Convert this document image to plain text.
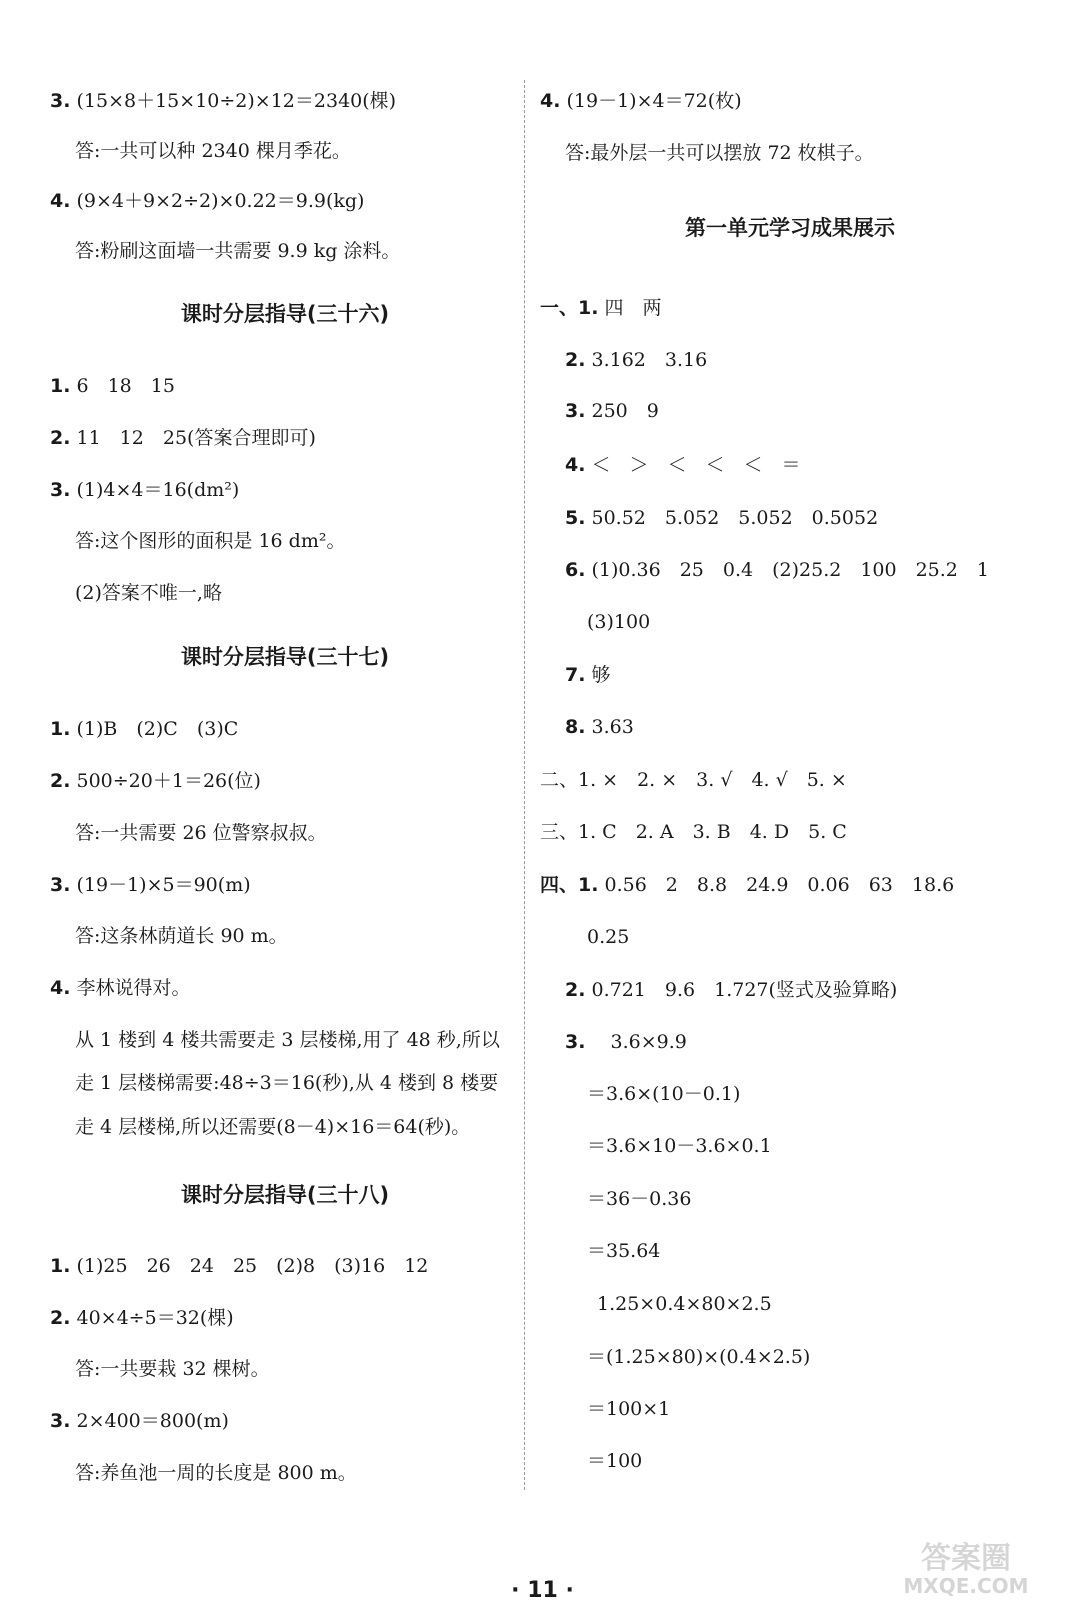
3. (15×8＋15×10÷2)×12＝2340(棵)
答:一共可以种 2340 棵月季花。
4. (9×4＋9×2÷2)×0.22＝9.9(kg)
答:粉刷这面墙一共需要 9.9 kg 涂料。
课时分层指导(三十六)
1. 6　18　15
2. 11　12　25(答案合理即可)
3. (1)4×4＝16(dm²)
答:这个图形的面积是 16 dm²。
(2)答案不唯一,略
课时分层指导(三十七)
1. (1)B　(2)C　(3)C
2. 500÷20＋1＝26(位)
答:一共需要 26 位警察叔叔。
3. (19－1)×5＝90(m)
答:这条林荫道长 90 m。
4. 李林说得对。
从 1 楼到 4 楼共需要走 3 层楼梯,用了 48 秒,所以
走 1 层楼梯需要:48÷3＝16(秒),从 4 楼到 8 楼要
走 4 层楼梯,所以还需要(8－4)×16＝64(秒)。
课时分层指导(三十八)
1. (1)25　26　24　25　(2)8　(3)16　12
2. 40×4÷5＝32(棵)
答:一共要栽 32 棵树。
3. 2×400＝800(m)
答:养鱼池一周的长度是 800 m。
4. (19－1)×4＝72(枚)
答:最外层一共可以摆放 72 枚棋子。
第一单元学习成果展示
一、1. 四　两
2. 3.162　3.16
3. 250　9
4. ＜　＞　＜　＜　＜　＝
5. 50.52　5.052　5.052　0.5052
6. (1)0.36　25　0.4　(2)25.2　100　25.2　1
(3)100
7. 够
8. 3.63
二、1. ×　2. ×　3. √　4. √　5. ×
三、1. C　2. A　3. B　4. D　5. C
四、1. 0.56　2　8.8　24.9　0.06　63　18.6
0.25
2. 0.721　9.6　1.727(竖式及验算略)
3. 　3.6×9.9
＝3.6×(10－0.1)
＝3.6×10－3.6×0.1
＝36－0.36
＝35.64
1.25×0.4×80×2.5
＝(1.25×80)×(0.4×2.5)
＝100×1
＝100
· 11 ·
答案圈
MXQE.COM
